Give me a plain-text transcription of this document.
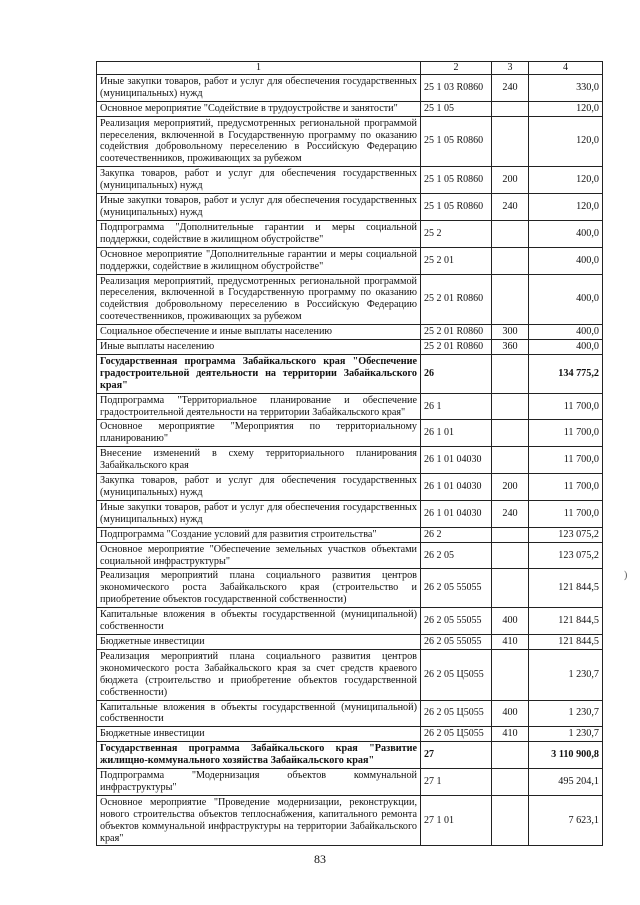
1	2	3	4
Иные закупки товаров, работ и услуг для обеспечения государственных (муниципальных) нужд	25 1 03 R0860	240	330,0
Основное мероприятие "Содействие в трудоустройстве и занятости"	25 1 05		120,0
Реализация мероприятий, предусмотренных региональной программой переселения, включенной в Государственную программу по оказанию содействия добровольному переселению в Российскую Федерацию соотечественников, проживающих за рубежом	25 1 05 R0860		120,0
Закупка товаров, работ и услуг для обеспечения государственных (муниципальных) нужд	25 1 05 R0860	200	120,0
Иные закупки товаров, работ и услуг для обеспечения государственных (муниципальных) нужд	25 1 05 R0860	240	120,0
Подпрограмма "Дополнительные гарантии и меры социальной поддержки, содействие в жилищном обустройстве"	25 2		400,0
Основное мероприятие "Дополнительные гарантии и меры социальной поддержки, содействие в жилищном обустройстве"	25 2 01		400,0
Реализация мероприятий, предусмотренных региональной программой переселения, включенной в Государственную программу по оказанию содействия добровольному переселению в Российскую Федерацию соотечественников, проживающих за рубежом	25 2 01 R0860		400,0
Социальное обеспечение и иные выплаты населению	25 2 01 R0860	300	400,0
Иные выплаты населению	25 2 01 R0860	360	400,0
Государственная программа Забайкальского края "Обеспечение градостроительной деятельности на территории Забайкальского края"	26		134 775,2
Подпрограмма "Территориальное планирование и обеспечение градостроительной деятельности на территории Забайкальского края"	26 1		11 700,0
Основное мероприятие "Мероприятия по территориальному планированию"	26 1 01		11 700,0
Внесение изменений в схему территориального планирования Забайкальского края	26 1 01 04030		11 700,0
Закупка товаров, работ и услуг для обеспечения государственных (муниципальных) нужд	26 1 01 04030	200	11 700,0
Иные закупки товаров, работ и услуг для обеспечения государственных (муниципальных) нужд	26 1 01 04030	240	11 700,0
Подпрограмма "Создание условий для развития строительства"	26 2		123 075,2
Основное мероприятие "Обеспечение земельных участков объектами социальной инфраструктуры"	26 2 05		123 075,2
Реализация мероприятий плана социального развития центров экономического роста Забайкальского края (строительство и приобретение объектов государственной собственности)	26 2 05 55055		121 844,5
Капитальные вложения в объекты государственной (муниципальной) собственности	26 2 05 55055	400	121 844,5
Бюджетные инвестиции	26 2 05 55055	410	121 844,5
Реализация мероприятий плана социального развития центров экономического роста Забайкальского края за счет средств краевого бюджета (строительство и приобретение объектов государственной собственности)	26 2 05 Ц5055		1 230,7
Капитальные вложения в объекты государственной (муниципальной) собственности	26 2 05 Ц5055	400	1 230,7
Бюджетные инвестиции	26 2 05 Ц5055	410	1 230,7
Государственная программа Забайкальского края "Развитие жилищно-коммунального хозяйства Забайкальского края"	27		3 110 900,8
Подпрограмма "Модернизация объектов коммунальной инфраструктуры"	27 1		495 204,1
Основное мероприятие "Проведение модернизации, реконструкции, нового строительства объектов теплоснабжения, капитального ремонта объектов коммунальной инфраструктуры на территории Забайкальского края"	27 1 01		7 623,1
83
)
